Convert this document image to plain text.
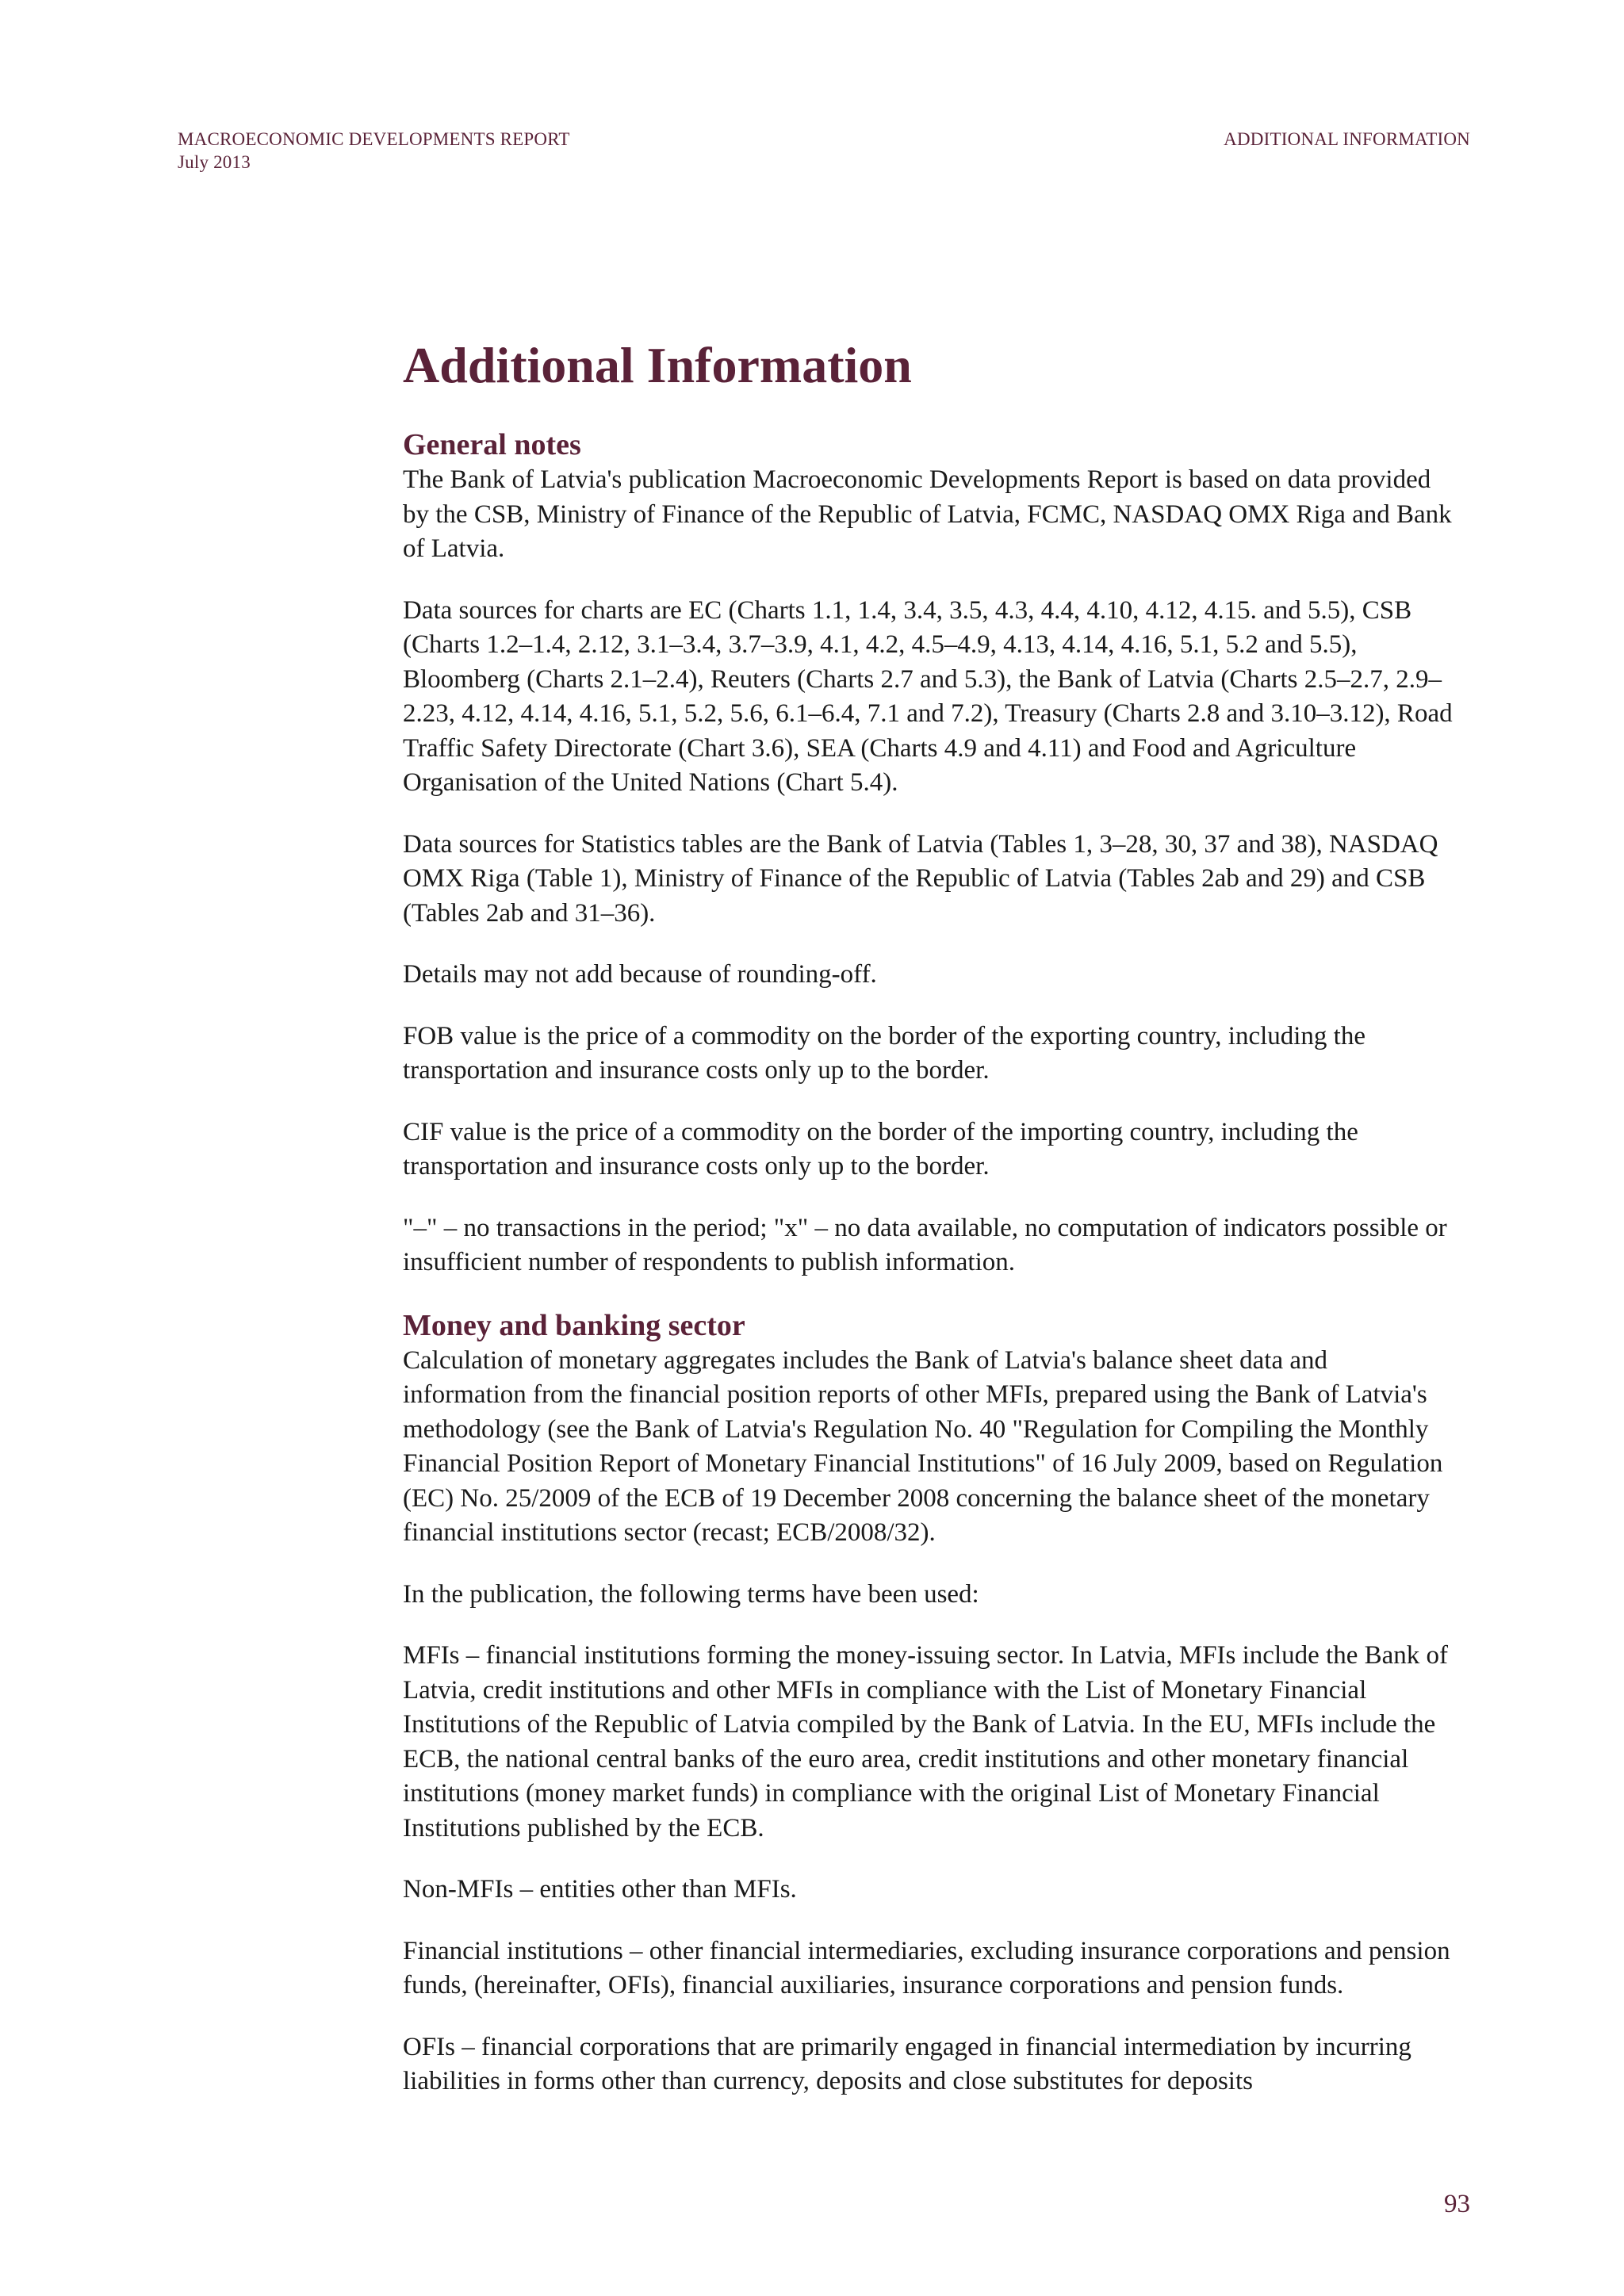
MACROECONOMIC DEVELOPMENTS REPORT
July 2013
ADDITIONAL INFORMATION
Additional Information
General notes

The Bank of Latvia's publication Macroeconomic Developments Report is based on data provided by the CSB, Ministry of Finance of the Republic of Latvia, FCMC, NASDAQ OMX Riga and Bank of Latvia.

Data sources for charts are EC (Charts 1.1, 1.4, 3.4, 3.5, 4.3, 4.4, 4.10, 4.12, 4.15. and 5.5), CSB (Charts 1.2–1.4, 2.12, 3.1–3.4, 3.7–3.9, 4.1, 4.2, 4.5–4.9, 4.13, 4.14, 4.16, 5.1, 5.2 and 5.5), Bloomberg (Charts 2.1–2.4), Reuters (Charts 2.7 and 5.3), the Bank of Latvia (Charts 2.5–2.7, 2.9–2.23, 4.12, 4.14, 4.16, 5.1, 5.2, 5.6, 6.1–6.4, 7.1 and 7.2), Treasury (Charts 2.8 and 3.10–3.12), Road Traffic Safety Directorate (Chart 3.6), SEA (Charts 4.9 and 4.11) and Food and Agriculture Organisation of the United Nations (Chart 5.4).

Data sources for Statistics tables are the Bank of Latvia (Tables 1, 3–28, 30, 37 and 38), NASDAQ OMX Riga (Table 1), Ministry of Finance of the Republic of Latvia (Tables 2ab and 29) and CSB (Tables 2ab and 31–36).

Details may not add because of rounding-off.

FOB value is the price of a commodity on the border of the exporting country, including the transportation and insurance costs only up to the border.

CIF value is the price of a commodity on the border of the importing country, including the transportation and insurance costs only up to the border.

"–" – no transactions in the period; "x" – no data available, no computation of indicators possible or insufficient number of respondents to publish information.

Money and banking sector

Calculation of monetary aggregates includes the Bank of Latvia's balance sheet data and information from the financial position reports of other MFIs, prepared using the Bank of Latvia's methodology (see the Bank of Latvia's Regulation No. 40 "Regulation for Compiling the Monthly Financial Position Report of Monetary Financial Institutions" of 16 July 2009, based on Regulation (EC) No. 25/2009 of the ECB of 19 December 2008 concerning the balance sheet of the monetary financial institutions sector (recast; ECB/2008/32).

In the publication, the following terms have been used:

MFIs – financial institutions forming the money-issuing sector. In Latvia, MFIs include the Bank of Latvia, credit institutions and other MFIs in compliance with the List of Monetary Financial Institutions of the Republic of Latvia compiled by the Bank of Latvia. In the EU, MFIs include the ECB, the national central banks of the euro area, credit institutions and other monetary financial institutions (money market funds) in compliance with the original List of Monetary Financial Institutions published by the ECB.

Non-MFIs – entities other than MFIs.

Financial institutions – other financial intermediaries, excluding insurance corporations and pension funds, (hereinafter, OFIs), financial auxiliaries, insurance corporations and pension funds.

OFIs – financial corporations that are primarily engaged in financial intermediation by incurring liabilities in forms other than currency, deposits and close substitutes for deposits

93
